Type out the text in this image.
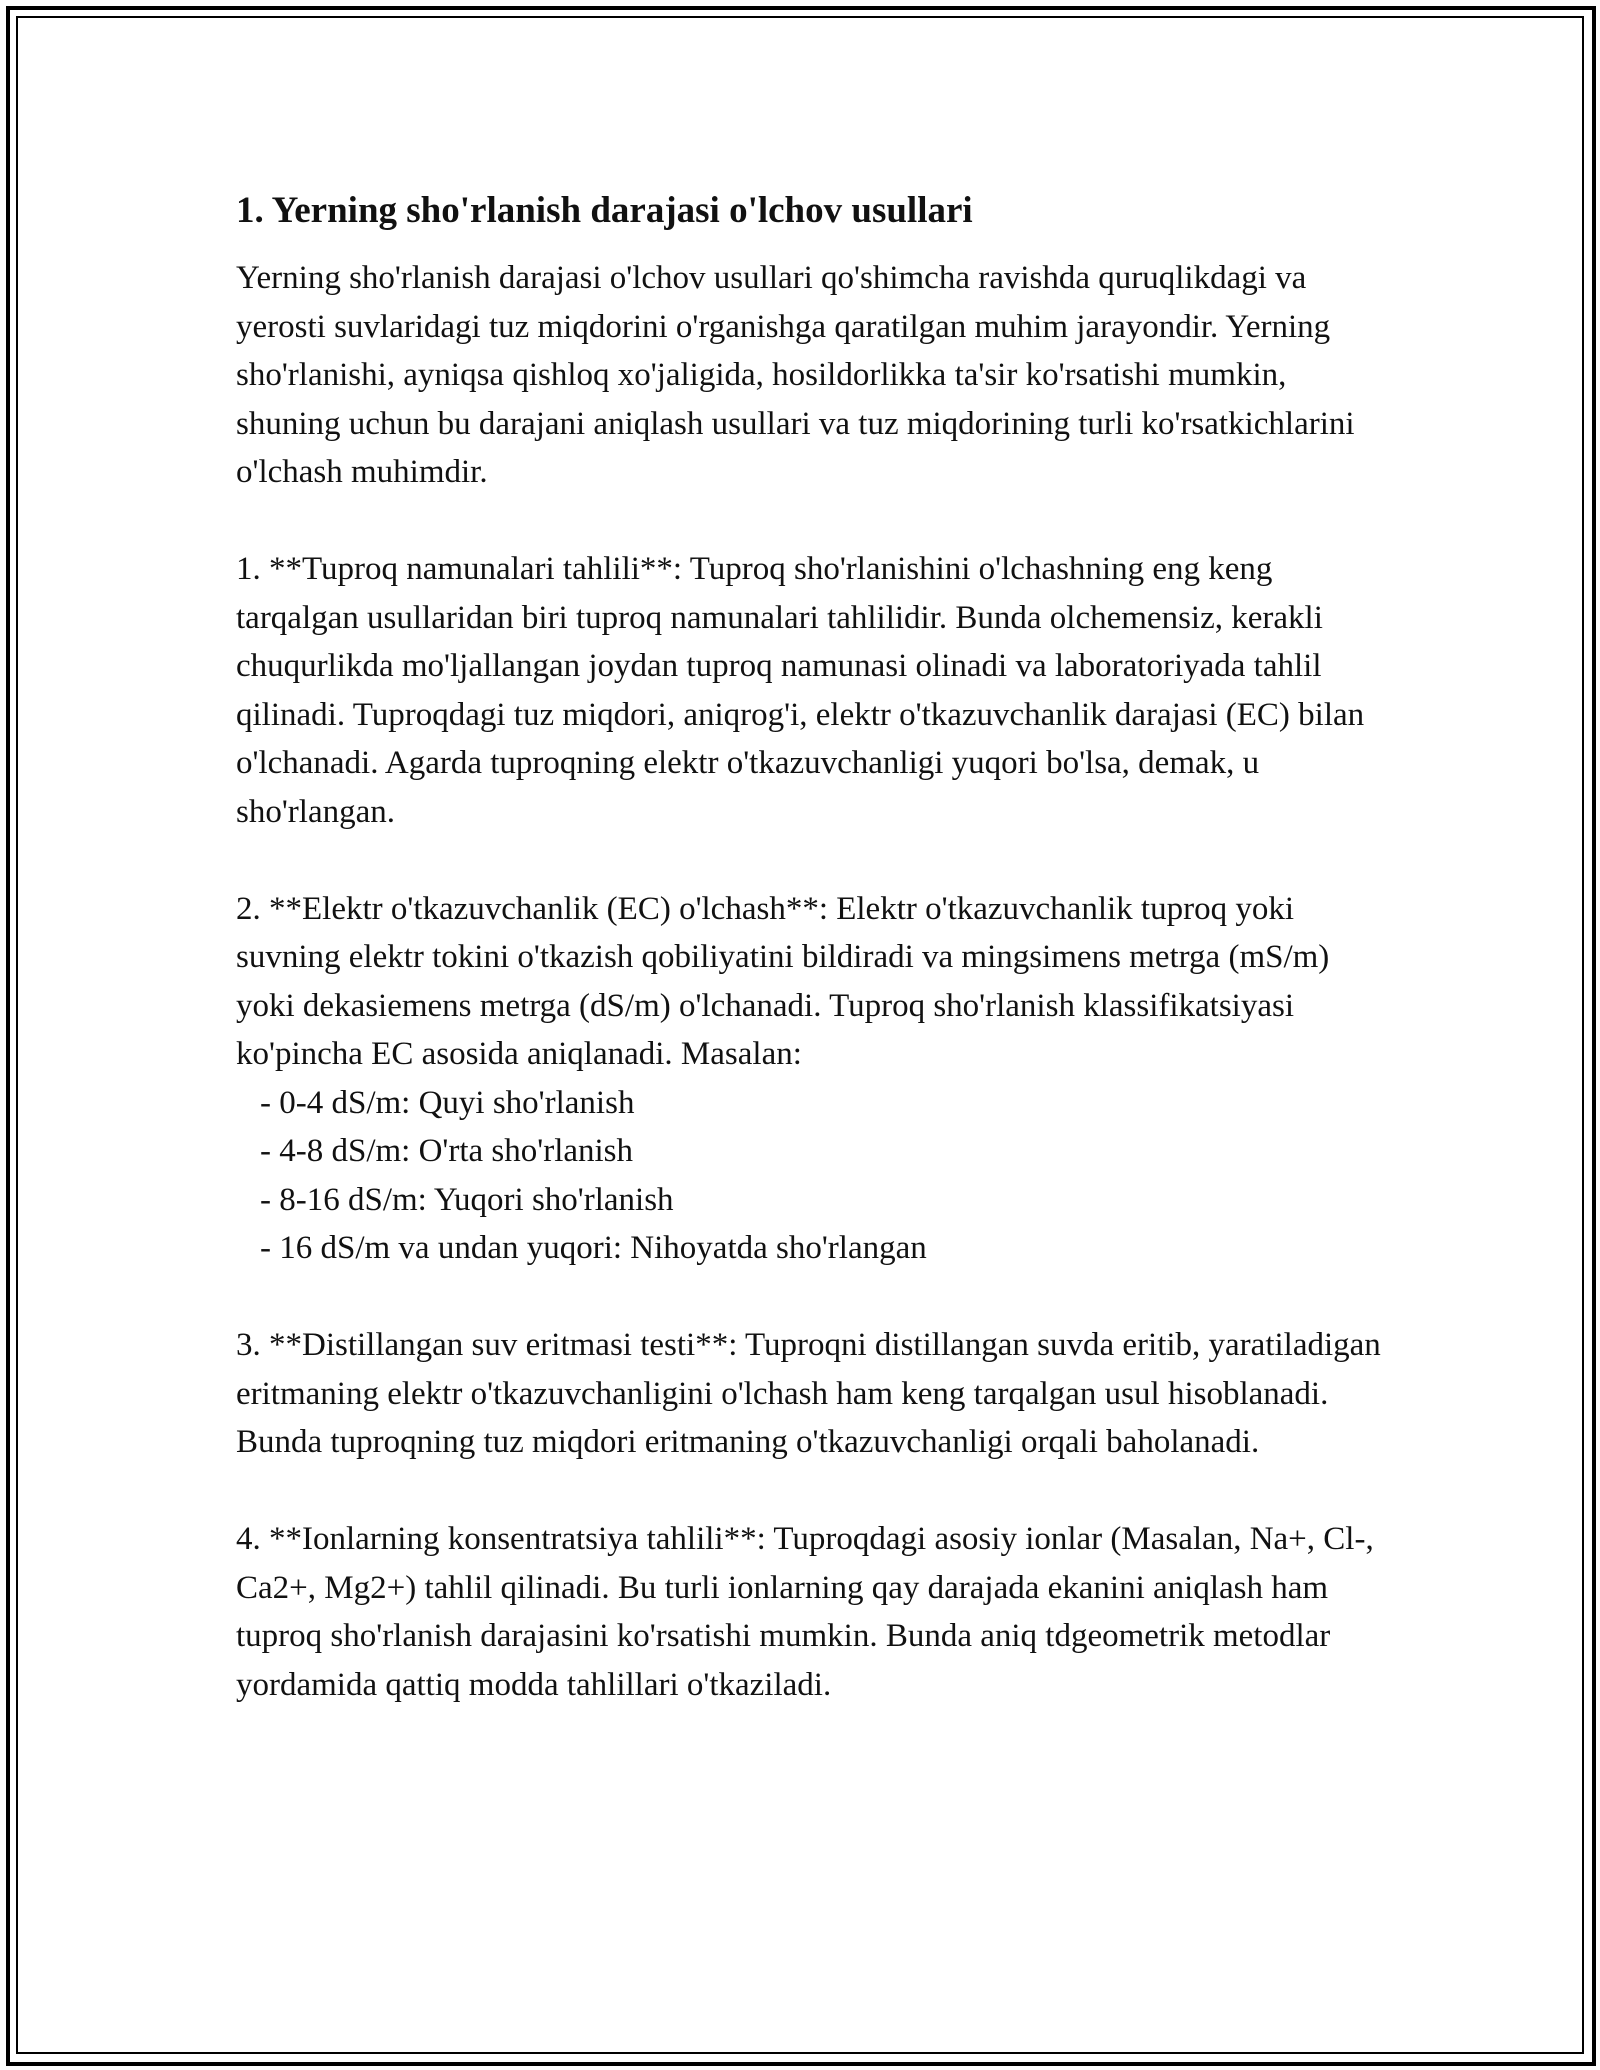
1. Yerning sho'rlanish darajasi o'lchov usullari

Yerning sho'rlanish darajasi o'lchov usullari qo'shimcha ravishda quruqlikdagi va yerosti suvlaridagi tuz miqdorini o'rganishga qaratilgan muhim jarayondir. Yerning sho'rlanishi, ayniqsa qishloq xo'jaligida, hosildorlikka ta'sir ko'rsatishi mumkin, shuning uchun bu darajani aniqlash usullari va tuz miqdorining turli ko'rsatkichlarini o'lchash muhimdir.

1. **Tuproq namunalari tahlili**: Tuproq sho'rlanishini o'lchashning eng keng tarqalgan usullaridan biri tuproq namunalari tahlilidir. Bunda olchemensiz, kerakli chuqurlikda mo'ljallangan joydan tuproq namunasi olinadi va laboratoriyada tahlil qilinadi. Tuproqdagi tuz miqdori, aniqrog'i, elektr o'tkazuvchanlik darajasi (EC) bilan o'lchanadi. Agarda tuproqning elektr o'tkazuvchanligi yuqori bo'lsa, demak, u sho'rlangan.

2. **Elektr o'tkazuvchanlik (EC) o'lchash**: Elektr o'tkazuvchanlik tuproq yoki suvning elektr tokini o'tkazish qobiliyatini bildiradi va mingsimens metrga (mS/m) yoki dekasiemens metrga (dS/m) o'lchanadi. Tuproq sho'rlanish klassifikatsiyasi ko'pincha EC asosida aniqlanadi. Masalan:
- 0-4 dS/m: Quyi sho'rlanish
- 4-8 dS/m: O'rta sho'rlanish
- 8-16 dS/m: Yuqori sho'rlanish
- 16 dS/m va undan yuqori: Nihoyatda sho'rlangan

3. **Distillangan suv eritmasi testi**: Tuproqni distillangan suvda eritib, yaratiladigan eritmaning elektr o'tkazuvchanligini o'lchash ham keng tarqalgan usul hisoblanadi. Bunda tuproqning tuz miqdori eritmaning o'tkazuvchanligi orqali baholanadi.

4. **Ionlarning konsentratsiya tahlili**: Tuproqdagi asosiy ionlar (Masalan, Na+, Cl-, Ca2+, Mg2+) tahlil qilinadi. Bu turli ionlarning qay darajada ekanini aniqlash ham tuproq sho'rlanish darajasini ko'rsatishi mumkin. Bunda aniq tdgeometrik metodlar yordamida qattiq modda tahlillari o'tkaziladi.
